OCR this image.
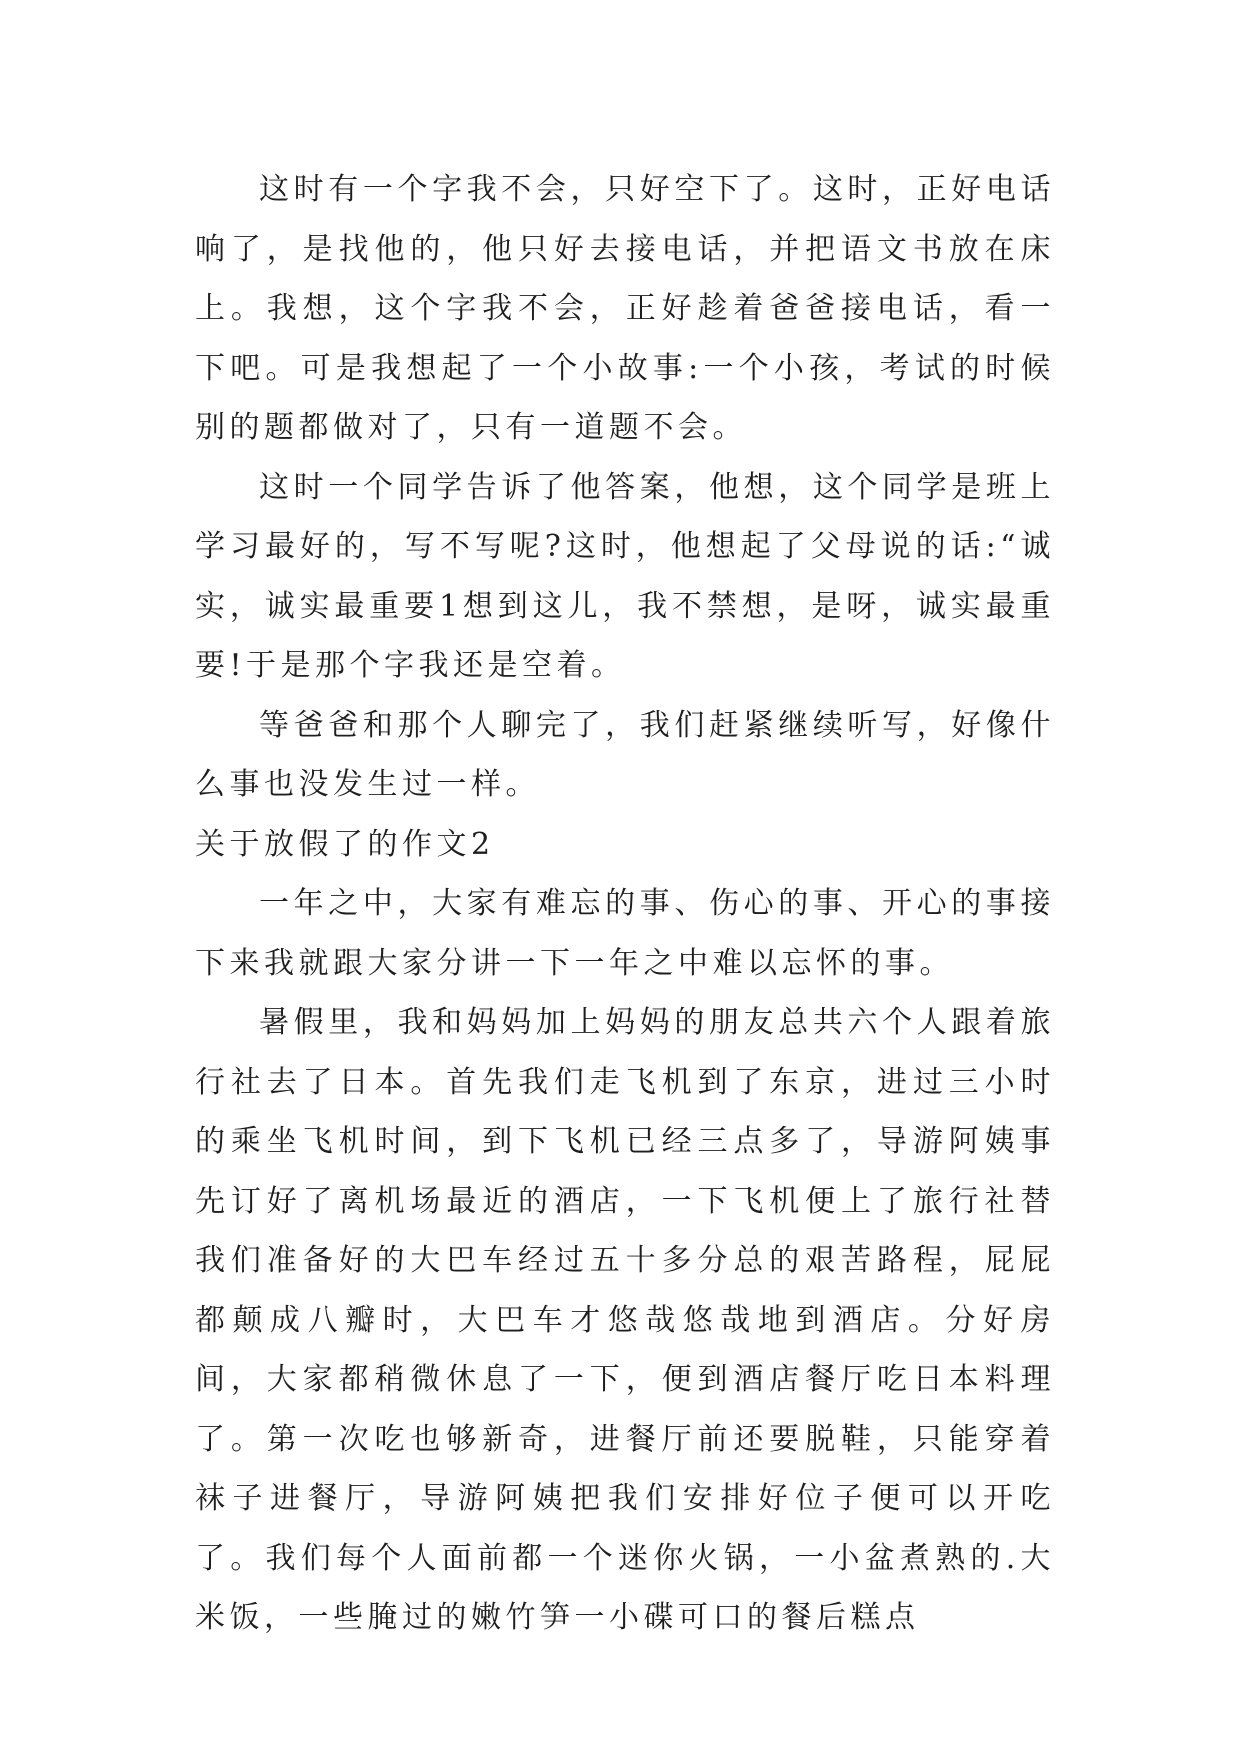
这时有一个字我不会，只好空下了。这时，正好电话响了，是找他的，他只好去接电话，并把语文书放在床上。我想，这个字我不会，正好趁着爸爸接电话，看一下吧。可是我想起了一个小故事:一个小孩，考试的时候别的题都做对了，只有一道题不会。

这时一个同学告诉了他答案，他想，这个同学是班上学习最好的，写不写呢?这时，他想起了父母说的话:“诚实，诚实最重要1想到这儿，我不禁想，是呀，诚实最重要!于是那个字我还是空着。

等爸爸和那个人聊完了，我们赶紧继续听写，好像什么事也没发生过一样。

关于放假了的作文2

一年之中，大家有难忘的事、伤心的事、开心的事接下来我就跟大家分讲一下一年之中难以忘怀的事。

暑假里，我和妈妈加上妈妈的朋友总共六个人跟着旅行社去了日本。首先我们走飞机到了东京，进过三小时的乘坐飞机时间，到下飞机已经三点多了，导游阿姨事先订好了离机场最近的酒店，一下飞机便上了旅行社替我们准备好的大巴车经过五十多分总的艰苦路程，屁屁都颠成八瓣时，大巴车才悠哉悠哉地到酒店。分好房间，大家都稍微休息了一下，便到酒店餐厅吃日本料理了。第一次吃也够新奇，进餐厅前还要脱鞋，只能穿着袜子进餐厅，导游阿姨把我们安排好位子便可以开吃了。我们每个人面前都一个迷你火锅，一小盆煮熟的.大米饭，一些腌过的嫩竹笋一小碟可口的餐后糕点
